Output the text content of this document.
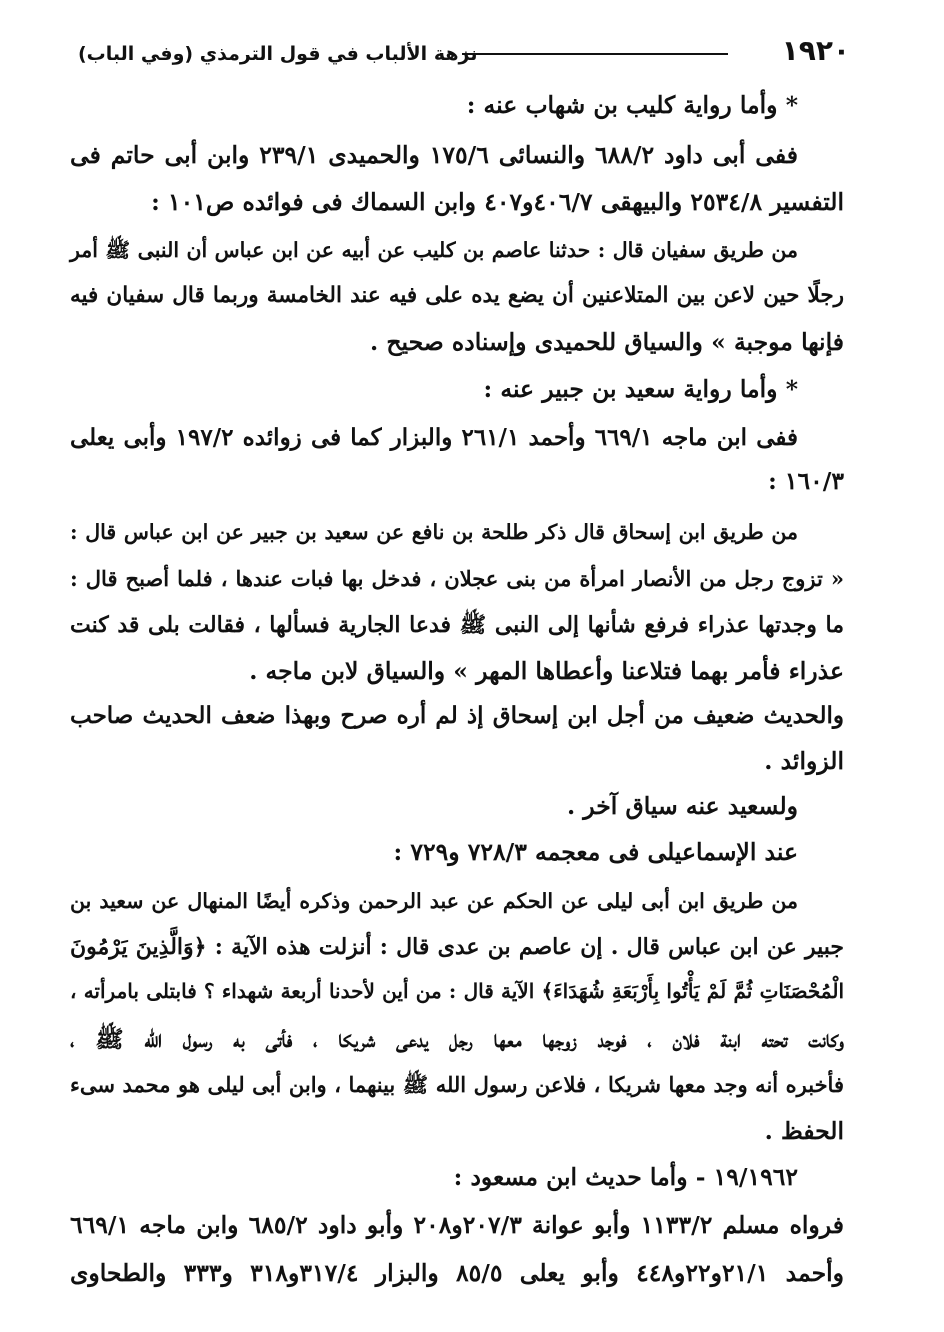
١٩٢٠
نزهة الألباب في قول الترمذي (وفي الباب)
* وأما رواية كليب بن شهاب عنه :
ففى أبى داود ٦٨٨/٢ والنسائى ١٧٥/٦ والحميدى ٢٣٩/١ وابن أبى حاتم فى
التفسير ٢٥٣٤/٨ والبيهقى ٤٠٦/٧و٤٠٧ وابن السماك فى فوائده ص١٠١ :
من طريق سفيان قال : حدثنا عاصم بن كليب عن أبيه عن ابن عباس أن النبى ﷺ أمر
رجلًا حين لاعن بين المتلاعنين أن يضع يده على فيه عند الخامسة وربما قال سفيان فيه
فإنها موجبة » والسياق للحميدى وإسناده صحيح .
* وأما رواية سعيد بن جبير عنه :
ففى ابن ماجه ٦٦٩/١ وأحمد ٢٦١/١ والبزار كما فى زوائده ١٩٧/٢ وأبى يعلى
١٦٠/٣ :
من طريق ابن إسحاق قال ذكر طلحة بن نافع عن سعيد بن جبير عن ابن عباس قال :
« تزوج رجل من الأنصار امرأة من بنى عجلان ، فدخل بها فبات عندها ، فلما أصبح قال :
ما وجدتها عذراء فرفع شأنها إلى النبى ﷺ فدعا الجارية فسألها ، فقالت بلى قد كنت
عذراء فأمر بهما فتلاعنا وأعطاها المهر » والسياق لابن ماجه .
والحديث ضعيف من أجل ابن إسحاق إذ لم أره صرح وبهذا ضعف الحديث صاحب
الزوائد .
ولسعيد عنه سياق آخر .
عند الإسماعيلى فى معجمه ٧٢٨/٣ و٧٢٩ :
من طريق ابن أبى ليلى عن الحكم عن عبد الرحمن وذكره أيضًا المنهال عن سعيد بن
جبير عن ابن عباس قال . إن عاصم بن عدى قال : أنزلت هذه الآية : ﴿وَالَّذِينَ يَرْمُونَ
الْمُحْصَنَاتِ ثُمَّ لَمْ يَأْتُوا بِأَرْبَعَةِ شُهَدَاءَ﴾ الآية قال : من أين لأحدنا أربعة شهداء ؟ فابتلى بامرأته ،
وكانت تحته ابنة فلان ، فوجد زوجها معها رجل يدعى شريكا ، فأتى به رسول الله ﷺ ،
فأخبره أنه وجد معها شريكا ، فلاعن رسول الله ﷺ بينهما ، وابن أبى ليلى هو محمد سىء
الحفظ .
١٩/١٩٦٢ - وأما حديث ابن مسعود :
فرواه مسلم ١١٣٣/٢ وأبو عوانة ٢٠٧/٣و٢٠٨ وأبو داود ٦٨٥/٢ وابن ماجه ٦٦٩/١
وأحمد ٢١/١و٢٢و٤٤٨ وأبو يعلى ٨٥/٥ والبزار ٣١٧/٤و٣١٨ و٣٣٣ والطحاوى
